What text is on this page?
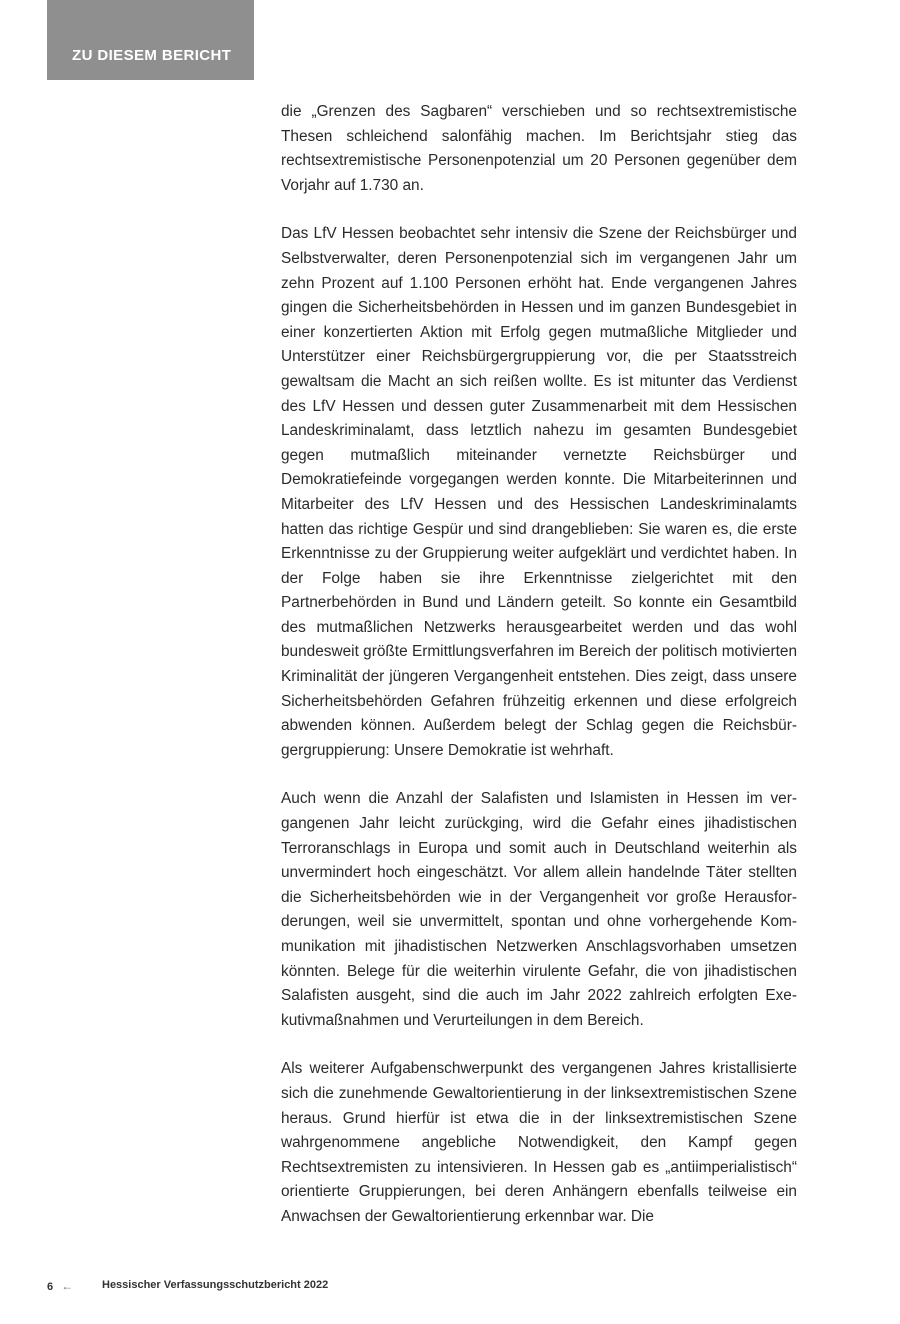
ZU DIESEM BERICHT

die „Grenzen des Sagbaren“ verschieben und so rechtsextremistische Thesen schleichend salonfähig machen. Im Berichtsjahr stieg das rechtsextremistische Personenpotenzial um 20 Personen gegenüber dem Vorjahr auf 1.730 an.

Das LfV Hessen beobachtet sehr intensiv die Szene der Reichsbürger und Selbstverwalter, deren Personenpotenzial sich im vergangenen Jahr um zehn Prozent auf 1.100 Personen erhöht hat. Ende vergangenen Jahres gingen die Sicherheitsbehörden in Hessen und im ganzen Bundesgebiet in einer konzertierten Aktion mit Erfolg gegen mutmaßliche Mitglieder und Unterstützer einer Reichsbürgergruppierung vor, die per Staatsstreich gewaltsam die Macht an sich reißen wollte. Es ist mitunter das Verdienst des LfV Hessen und dessen guter Zusammenarbeit mit dem Hessischen Landeskriminalamt, dass letztlich nahezu im gesamten Bundesgebiet gegen mutmaßlich miteinander vernetzte Reichsbürger und Demokratiefeinde vorgegangen werden konnte. Die Mitarbeiterinnen und Mitarbeiter des LfV Hessen und des Hessischen Landeskriminalamts hatten das richtige Gespür und sind drangeblieben: Sie waren es, die erste Erkenntnisse zu der Gruppierung weiter aufgeklärt und verdichtet haben. In der Folge haben sie ihre Erkenntnisse zielgerichtet mit den Partnerbehörden in Bund und Ländern geteilt. So konnte ein Gesamtbild des mutmaßlichen Netzwerks herausgearbeitet werden und das wohl bundesweit größte Ermittlungsverfahren im Bereich der politisch motivierten Kriminalität der jüngeren Vergangenheit entstehen. Dies zeigt, dass unsere Sicherheitsbehörden Gefahren frühzeitig erkennen und diese erfolgreich abwenden können. Außerdem belegt der Schlag gegen die Reichsbürgergruppierung: Unsere Demokratie ist wehrhaft.

Auch wenn die Anzahl der Salafisten und Islamisten in Hessen im vergangenen Jahr leicht zurückging, wird die Gefahr eines jihadistischen Terroranschlags in Europa und somit auch in Deutschland weiterhin als unvermindert hoch eingeschätzt. Vor allem allein handelnde Täter stellten die Sicherheitsbehörden wie in der Vergangenheit vor große Herausforderungen, weil sie unvermittelt, spontan und ohne vorhergehende Kommunikation mit jihadistischen Netzwerken Anschlagsvorhaben umsetzen könnten. Belege für die weiterhin virulente Gefahr, die von jihadistischen Salafisten ausgeht, sind die auch im Jahr 2022 zahlreich erfolgten Exekutivmaßnahmen und Verurteilungen in dem Bereich.

Als weiterer Aufgabenschwerpunkt des vergangenen Jahres kristallisierte sich die zunehmende Gewaltorientierung in der linksextremistischen Szene heraus. Grund hierfür ist etwa die in der linksextremistischen Szene wahrgenommene angebliche Notwendigkeit, den Kampf gegen Rechtsextremisten zu intensivieren. In Hessen gab es „antiimperialistisch“ orientierte Gruppierungen, bei deren Anhängern ebenfalls teilweise ein Anwachsen der Gewaltorientierung erkennbar war. Die

6 ←	Hessischer Verfassungsschutzbericht 2022
